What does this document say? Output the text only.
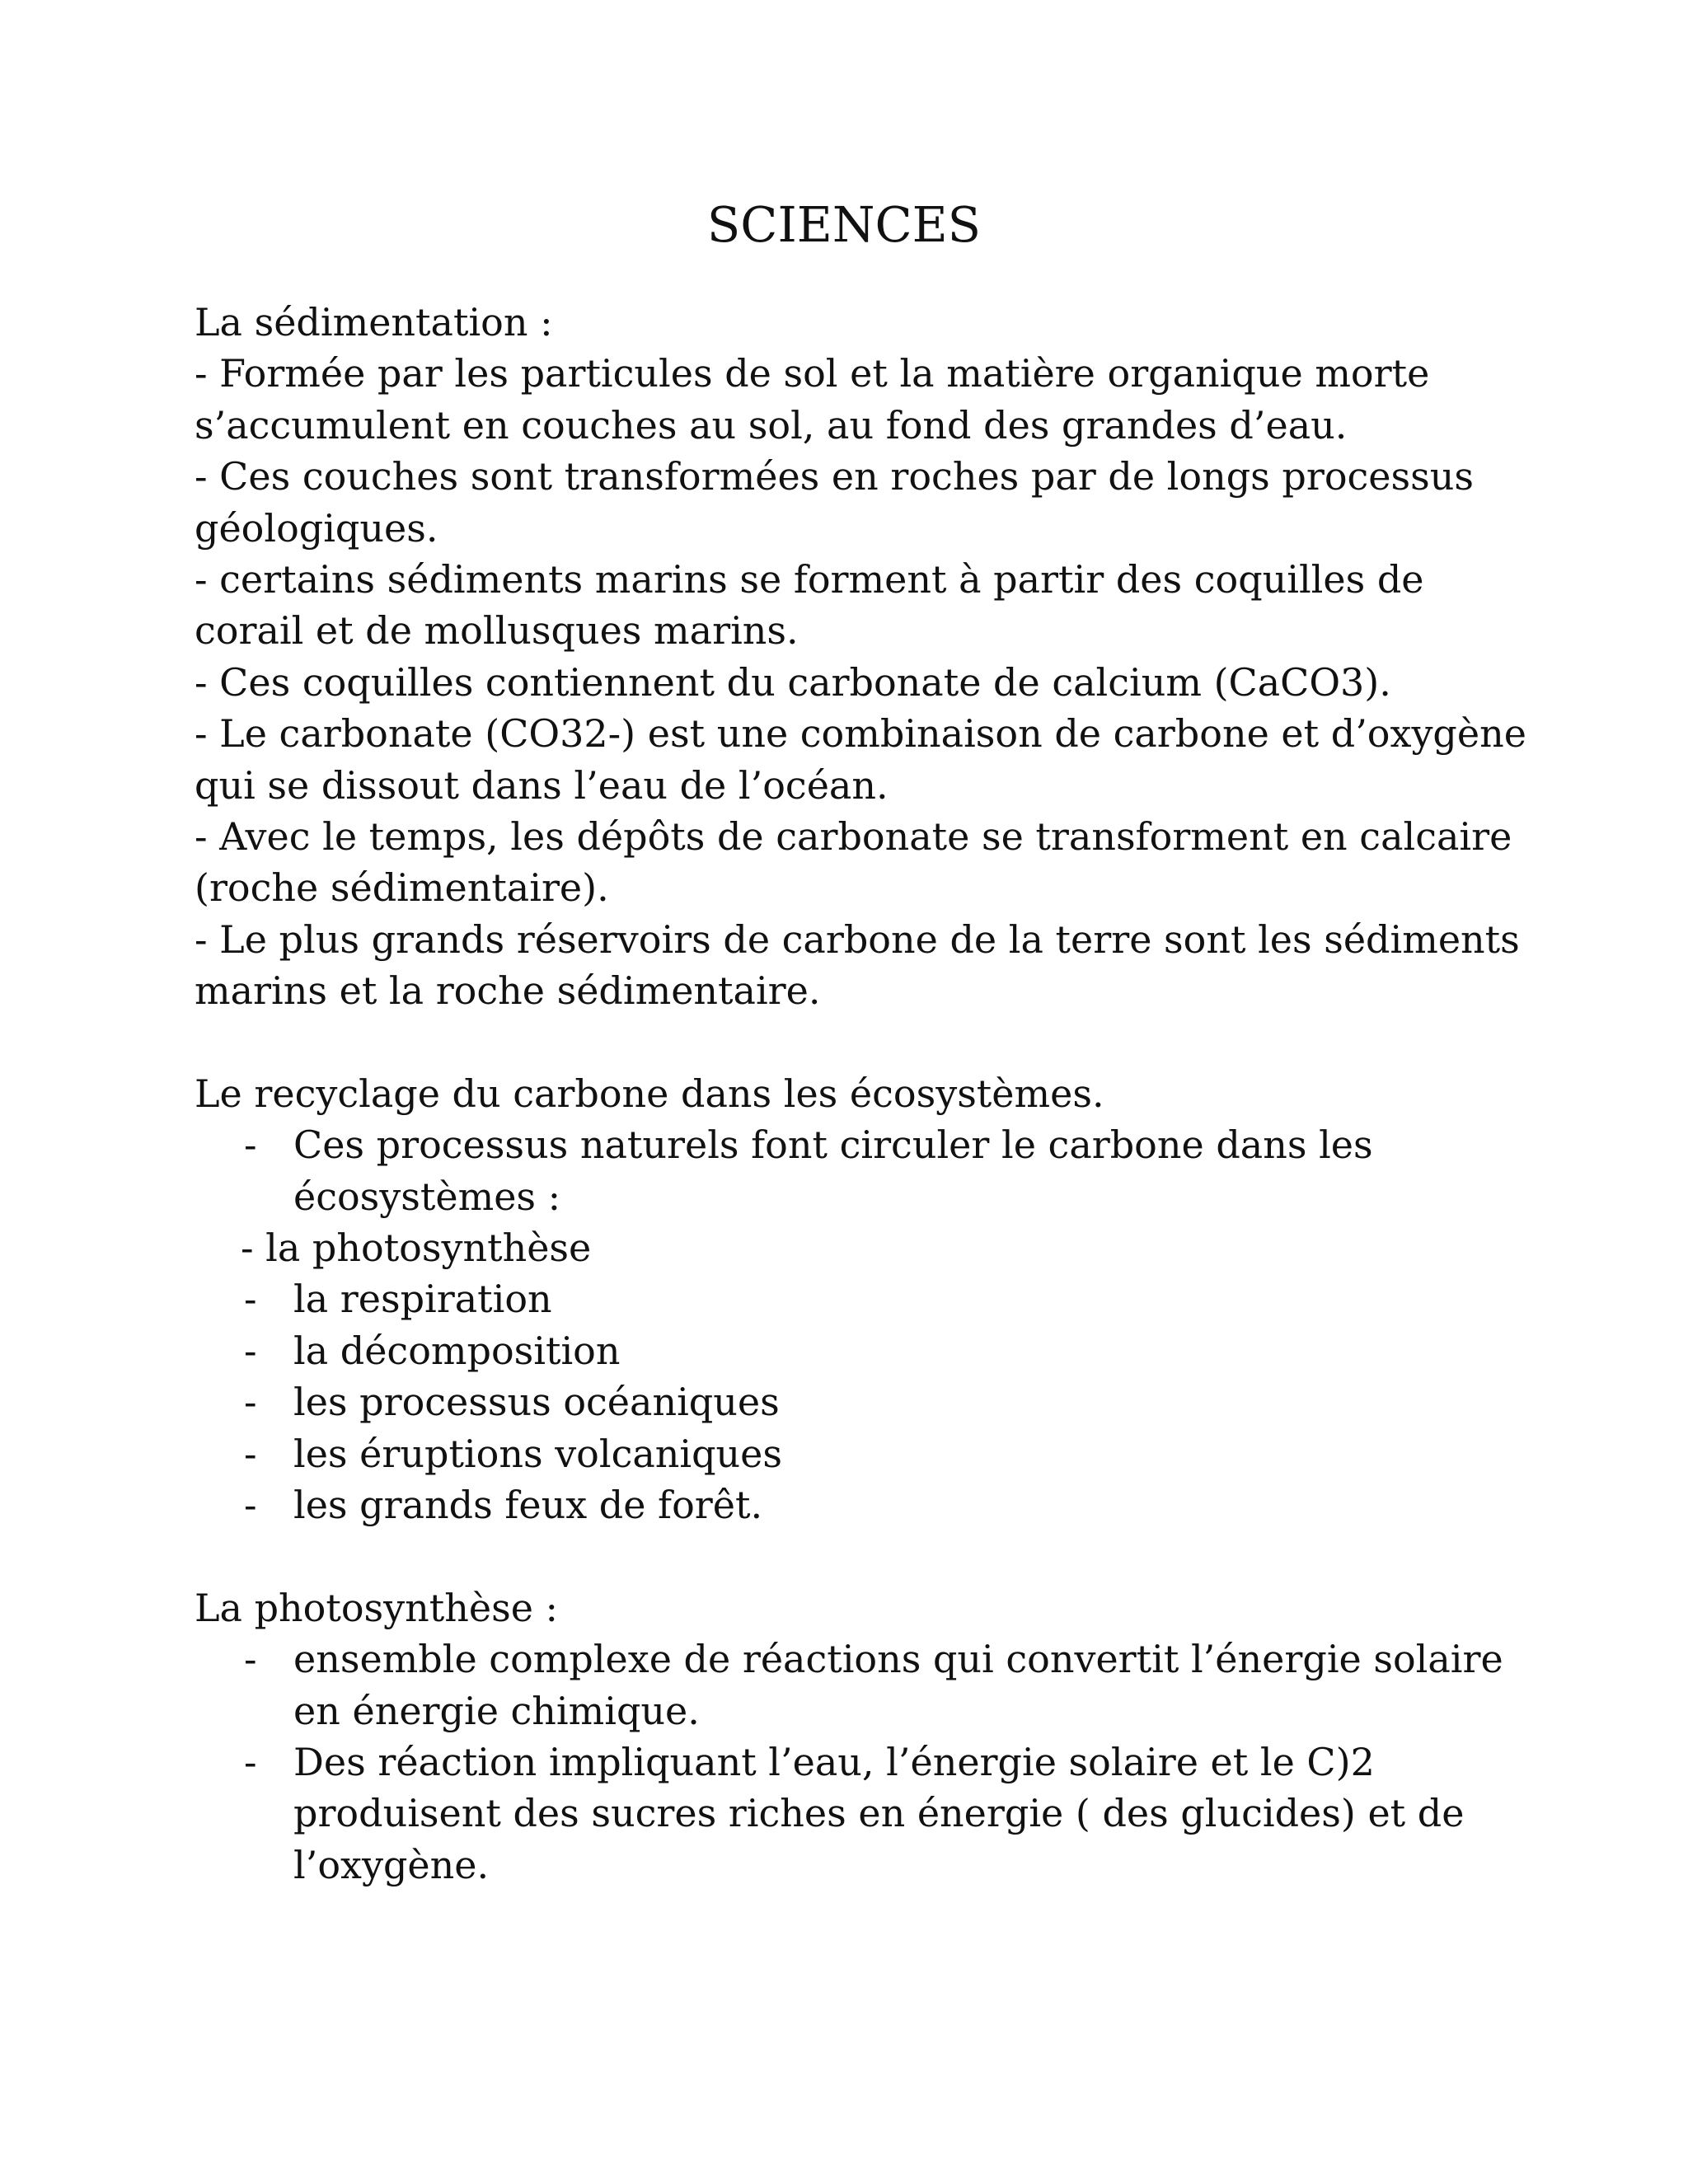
SCIENCES
La sédimentation :
- Formée par les particules de sol et la matière organique morte
s’accumulent en couches au sol, au fond des grandes d’eau.
- Ces couches sont transformées en roches par de longs processus
géologiques.
- certains sédiments marins se forment à partir des coquilles de
corail et de mollusques marins.
- Ces coquilles contiennent du carbonate de calcium (CaCO3).
- Le carbonate (CO32-) est une combinaison de carbone et d’oxygène
qui se dissout dans l’eau de l’océan.
- Avec le temps, les dépôts de carbonate se transforment en calcaire
(roche sédimentaire).
- Le plus grands réservoirs de carbone de la terre sont les sédiments
marins et la roche sédimentaire.
Le recyclage du carbone dans les écosystèmes.
- Ces processus naturels font circuler le carbone dans les
écosystèmes :
- la photosynthèse
- la respiration
- la décomposition
- les processus océaniques
- les éruptions volcaniques
- les grands feux de forêt.
La photosynthèse :
- ensemble complexe de réactions qui convertit l’énergie solaire
en énergie chimique.
- Des réaction impliquant l’eau, l’énergie solaire et le C)2
produisent des sucres riches en énergie ( des glucides) et de
l’oxygène.
